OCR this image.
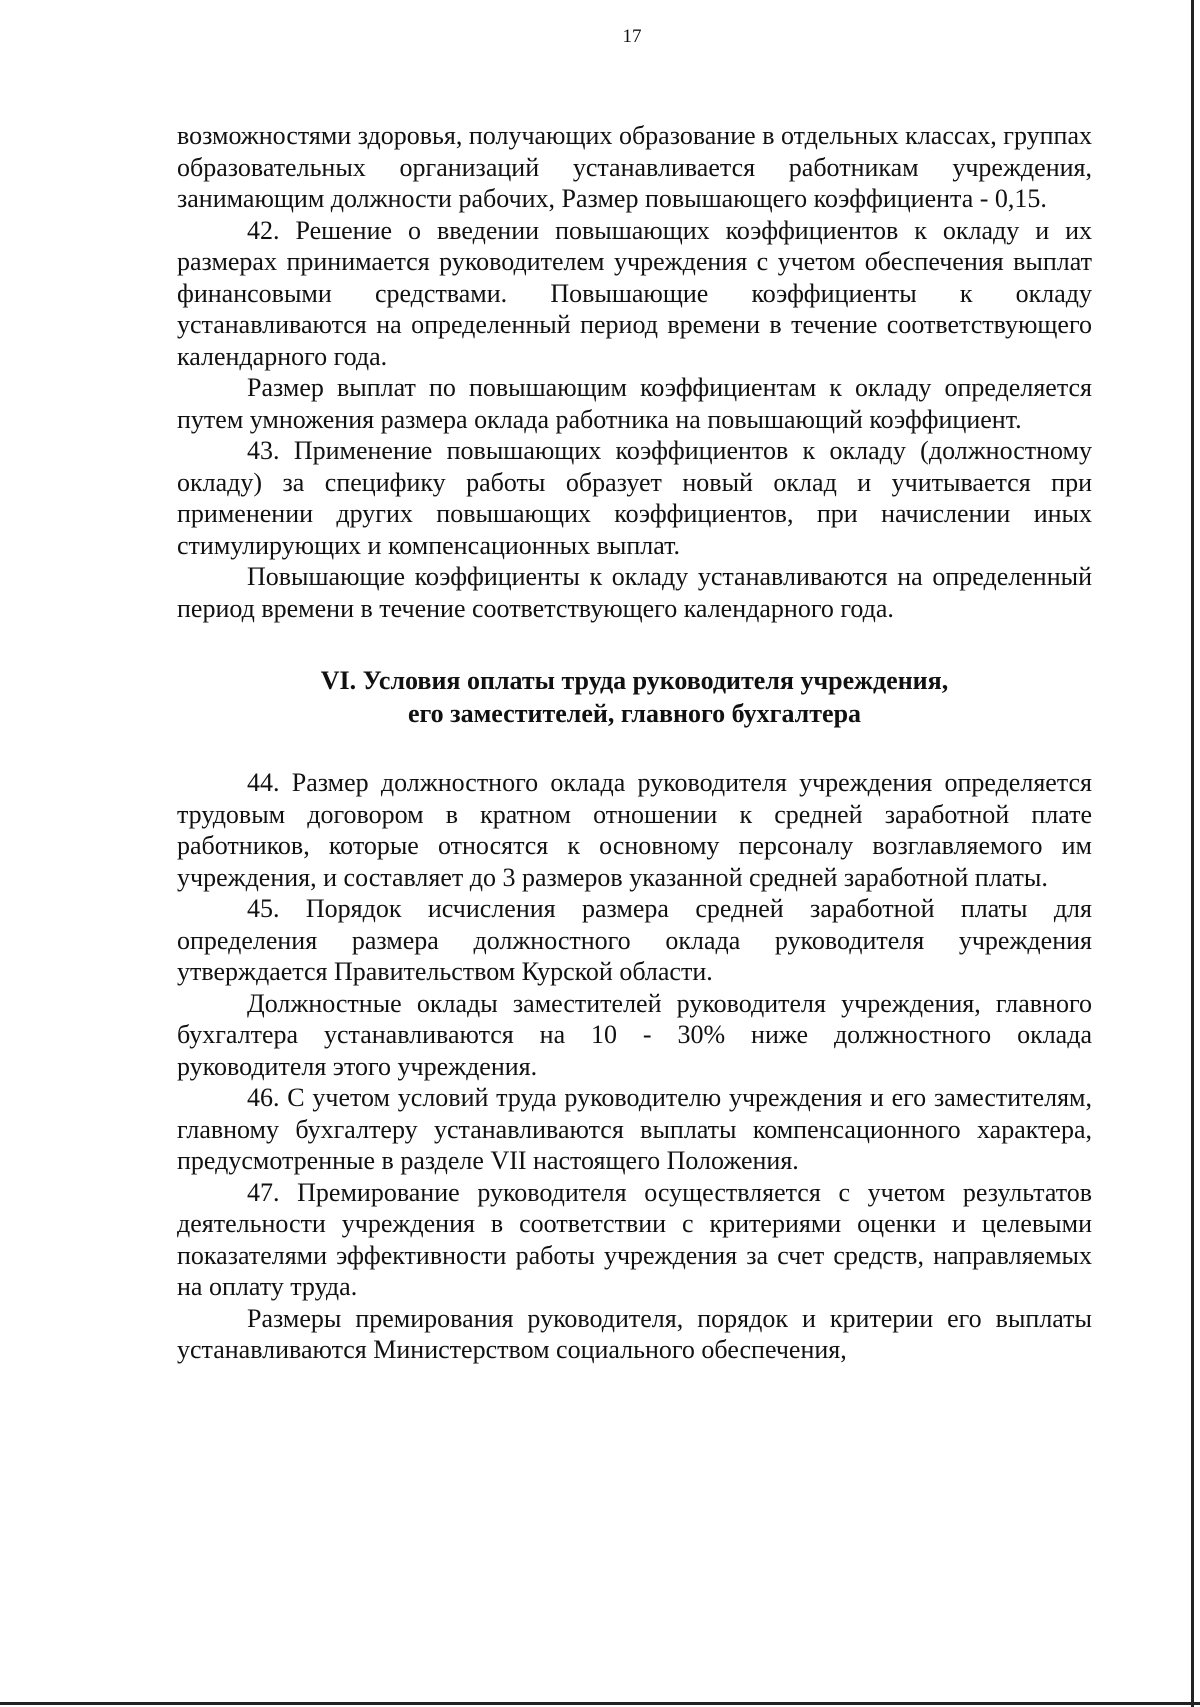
17

возможностями здоровья, получающих образование в отдельных классах, группах образовательных организаций устанавливается работникам учреждения, занимающим должности рабочих, Размер повышающего коэффициента - 0,15.

42. Решение о введении повышающих коэффициентов к окладу и их размерах принимается руководителем учреждения с учетом обеспечения выплат финансовыми средствами. Повышающие коэффициенты к окладу устанавливаются на определенный период времени в течение соответствующего календарного года.

Размер выплат по повышающим коэффициентам к окладу определяется путем умножения размера оклада работника на повышающий коэффициент.

43. Применение повышающих коэффициентов к окладу (должностному окладу) за специфику работы образует новый оклад и учитывается при применении других повышающих коэффициентов, при начислении иных стимулирующих и компенсационных выплат.

Повышающие коэффициенты к окладу устанавливаются на определенный период времени в течение соответствующего календарного года.

VI. Условия оплаты труда руководителя учреждения,
его заместителей, главного бухгалтера

44. Размер должностного оклада руководителя учреждения определяется трудовым договором в кратном отношении к средней заработной плате работников, которые относятся к основному персоналу возглавляемого им учреждения, и составляет до 3 размеров указанной средней заработной платы.

45. Порядок исчисления размера средней заработной платы для определения размера должностного оклада руководителя учреждения утверждается Правительством Курской области.

Должностные оклады заместителей руководителя учреждения, главного бухгалтера устанавливаются на 10 - 30% ниже должностного оклада руководителя этого учреждения.

46. С учетом условий труда руководителю учреждения и его заместителям, главному бухгалтеру устанавливаются выплаты компенсационного характера, предусмотренные в разделе VII настоящего Положения.

47. Премирование руководителя осуществляется с учетом результатов деятельности учреждения в соответствии с критериями оценки и целевыми показателями эффективности работы учреждения за счет средств, направляемых на оплату труда.

Размеры премирования руководителя, порядок и критерии его выплаты устанавливаются Министерством социального обеспечения,
